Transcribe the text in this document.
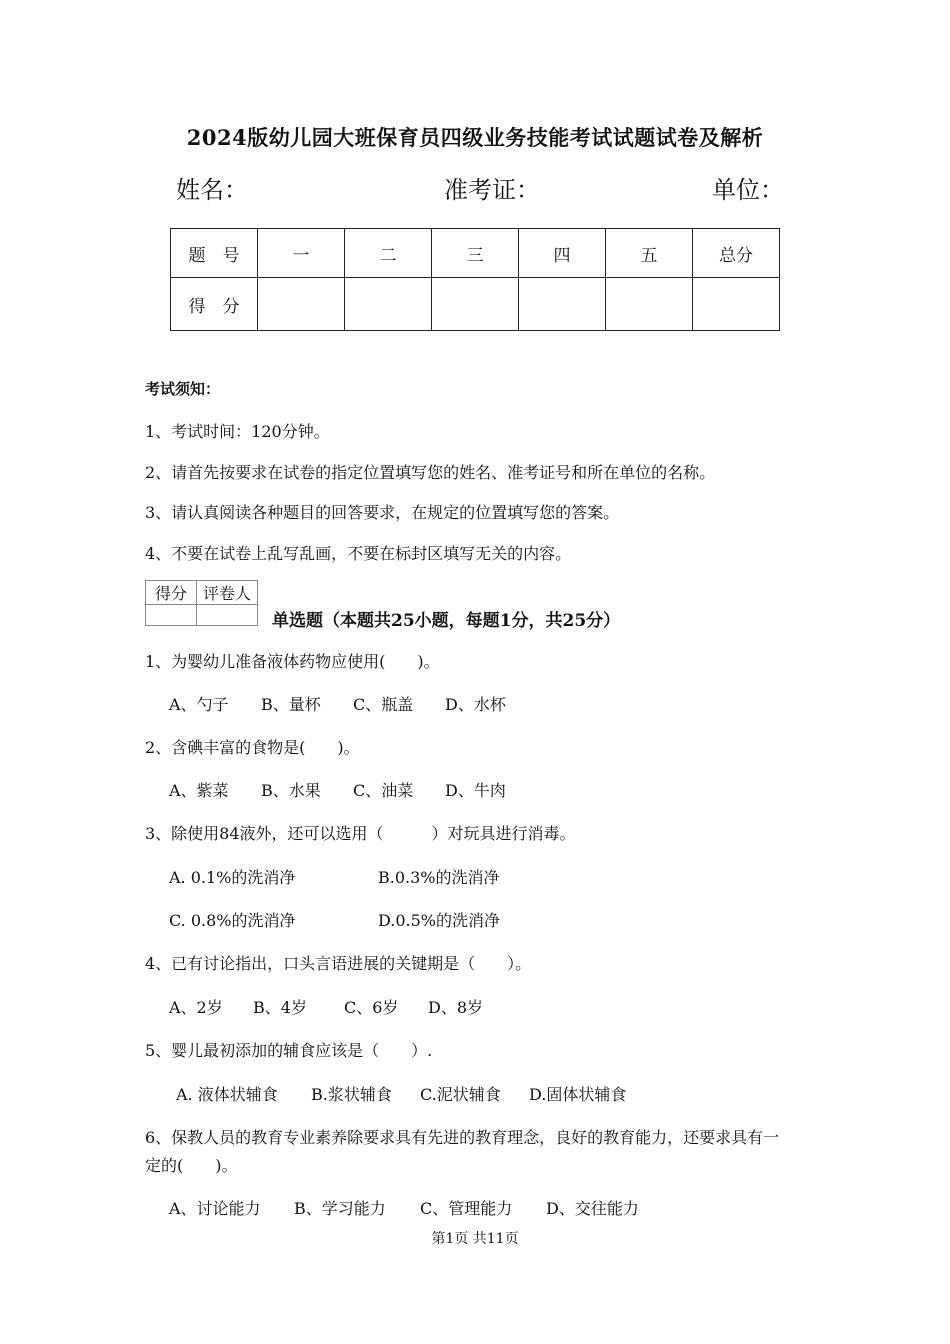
2024版幼儿园大班保育员四级业务技能考试试题试卷及解析
姓名：	准考证：	单位：
题　号	一	二	三	四	五	总分
得　分						
考试须知：
1、考试时间：120分钟。
2、请首先按要求在试卷的指定位置填写您的姓名、准考证号和所在单位的名称。
3、请认真阅读各种题目的回答要求，在规定的位置填写您的答案。
4、不要在试卷上乱写乱画，不要在标封区填写无关的内容。
得分	评卷人

单选题（本题共25小题，每题1分，共25分）
1、为婴幼儿准备液体药物应使用(　　)。
A、勺子 B、量杯 C、瓶盖 D、水杯
2、含碘丰富的食物是(　　)。
A、紫菜 B、水果 C、油菜 D、牛肉
3、除使用84液外，还可以选用（　　　）对玩具进行消毒。
A. 0.1%的洗消净	B.0.3%的洗消净
C. 0.8%的洗消净	D.0.5%的洗消净
4、已有讨论指出，口头言语进展的关键期是（　　）。
A、2岁 B、4岁 C、6岁 D、8岁
5、婴儿最初添加的辅食应该是（　　）.
A. 液体状辅食 B.浆状辅食 C.泥状辅食 D.固体状辅食
6、保教人员的教育专业素养除要求具有先进的教育理念，良好的教育能力，还要求具有一
定的(　　)。
A、讨论能力 B、学习能力 C、管理能力 D、交往能力
第1页 共11页
